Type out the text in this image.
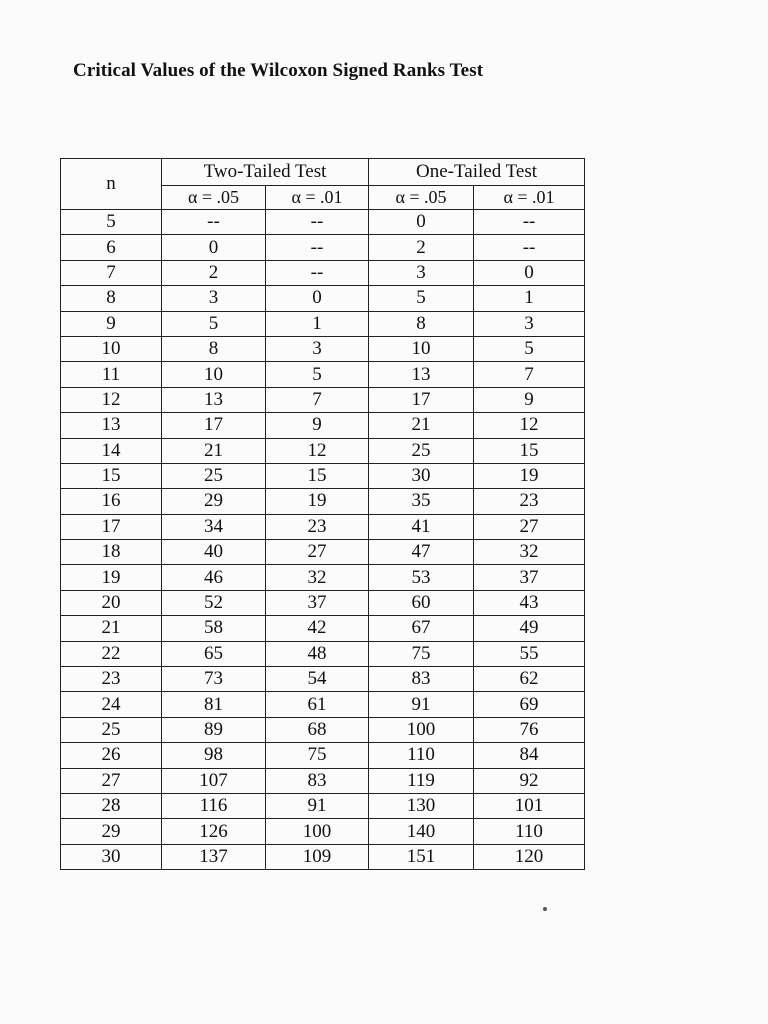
Critical Values of the Wilcoxon Signed Ranks Test
n	Two-Tailed Test		One-Tailed Test	
	α = .05	α = .01	α = .05	α = .01
5	--	--	0	--
6	0	--	2	--
7	2	--	3	0
8	3	0	5	1
9	5	1	8	3
10	8	3	10	5
11	10	5	13	7
12	13	7	17	9
13	17	9	21	12
14	21	12	25	15
15	25	15	30	19
16	29	19	35	23
17	34	23	41	27
18	40	27	47	32
19	46	32	53	37
20	52	37	60	43
21	58	42	67	49
22	65	48	75	55
23	73	54	83	62
24	81	61	91	69
25	89	68	100	76
26	98	75	110	84
27	107	83	119	92
28	116	91	130	101
29	126	100	140	110
30	137	109	151	120
